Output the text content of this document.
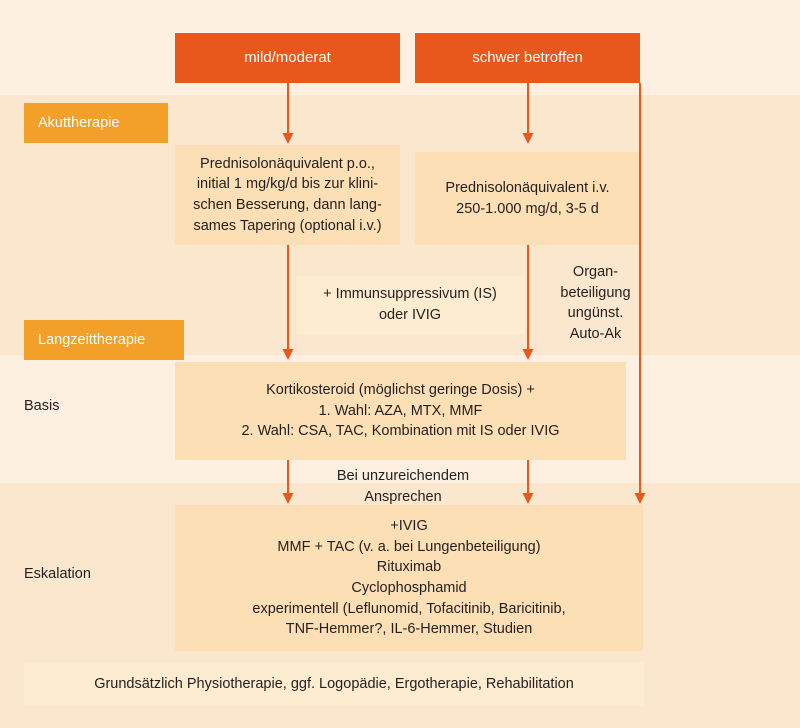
mild/moderat	schwer betroffen
Akuttherapie
Langzeittherapie
Basis
Eskalation
Prednisolonäquivalent p.o.,
initial 1 mg/kg/d bis zur klini-
schen Besserung, dann lang-
sames Tapering (optional i.v.)
Prednisolonäquivalent i.v.
250-1.000 mg/d, 3-5 d
+ Immunsuppressivum (IS)
oder IVIG
Organ-
beteiligung
ungünst.
Auto-Ak
Kortikosteroid (möglichst geringe Dosis) +
1. Wahl: AZA, MTX, MMF
2. Wahl: CSA, TAC, Kombination mit IS oder IVIG
Bei unzureichendem
Ansprechen
+IVIG
MMF + TAC (v. a. bei Lungenbeteiligung)
Rituximab
Cyclophosphamid
experimentell (Leflunomid, Tofacitinib, Baricitinib,
TNF-Hemmer?, IL-6-Hemmer, Studien
Grundsätzlich Physiotherapie, ggf. Logopädie, Ergotherapie, Rehabilitation
